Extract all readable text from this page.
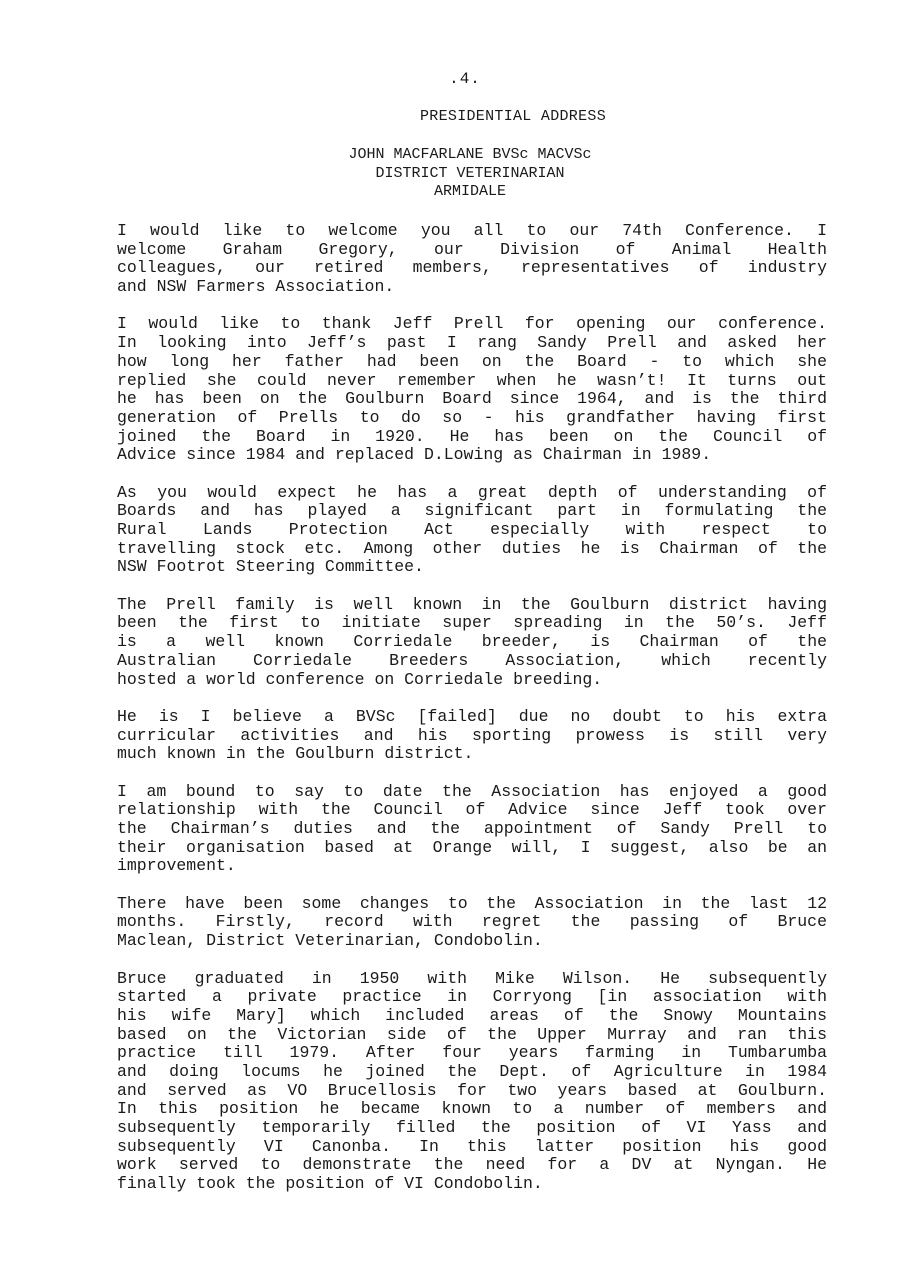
.4.
PRESIDENTIAL ADDRESS
JOHN MACFARLANE BVSc MACVSc
DISTRICT VETERINARIAN
ARMIDALE
I would like to welcome you all to our 74th Conference. I
welcome Graham Gregory, our Division of Animal Health
colleagues, our retired members, representatives of industry
and NSW Farmers Association.
I would like to thank Jeff Prell for opening our conference.
In looking into Jeff’s past I rang Sandy Prell and asked her
how long her father had been on the Board - to which she
replied she could never remember when he wasn’t! It turns out
he has been on the Goulburn Board since 1964, and is the third
generation of Prells to do so - his grandfather having first
joined the Board in 1920. He has been on the Council of
Advice since 1984 and replaced D.Lowing as Chairman in 1989.
As you would expect he has a great depth of understanding of
Boards and has played a significant part in formulating the
Rural Lands Protection Act especially with respect to
travelling stock etc. Among other duties he is Chairman of the
NSW Footrot Steering Committee.
The Prell family is well known in the Goulburn district having
been the first to initiate super spreading in the 50’s. Jeff
is a well known Corriedale breeder, is Chairman of the
Australian Corriedale Breeders Association, which recently
hosted a world conference on Corriedale breeding.
He is I believe a BVSc [failed] due no doubt to his extra
curricular activities and his sporting prowess is still very
much known in the Goulburn district.
I am bound to say to date the Association has enjoyed a good
relationship with the Council of Advice since Jeff took over
the Chairman’s duties and the appointment of Sandy Prell to
their organisation based at Orange will, I suggest, also be an
improvement.
There have been some changes to the Association in the last 12
months. Firstly, record with regret the passing of Bruce
Maclean, District Veterinarian, Condobolin.
Bruce graduated in 1950 with Mike Wilson. He subsequently
started a private practice in Corryong [in association with
his wife Mary] which included areas of the Snowy Mountains
based on the Victorian side of the Upper Murray and ran this
practice till 1979. After four years farming in Tumbarumba
and doing locums he joined the Dept. of Agriculture in 1984
and served as VO Brucellosis for two years based at Goulburn.
In this position he became known to a number of members and
subsequently temporarily filled the position of VI Yass and
subsequently VI Canonba. In this latter position his good
work served to demonstrate the need for a DV at Nyngan. He
finally took the position of VI Condobolin.
